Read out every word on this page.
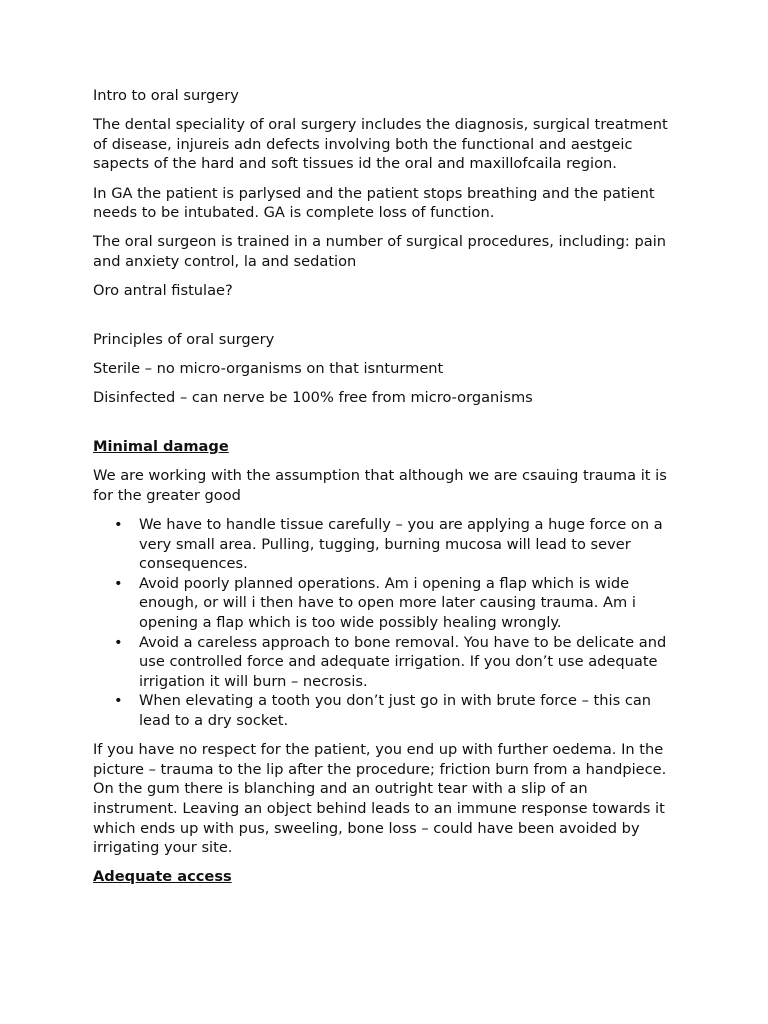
Intro to oral surgery

The dental speciality of oral surgery includes the diagnosis, surgical treatment of disease, injureis adn defects involving both the functional and aestgeic sapects of the hard and soft tissues id the oral and maxillofcaila region.

In GA the patient is parlysed and the patient stops breathing and the patient needs to be intubated. GA is complete loss of function.

The oral surgeon is trained in a number of surgical procedures, including: pain and anxiety control, la and sedation

Oro antral fistulae?

Principles of oral surgery

Sterile – no micro-organisms on that isnturment

Disinfected – can nerve be 100% free from micro-organisms

Minimal damage

We are working with the assumption that although we are csauing trauma it is for the greater good

• We have to handle tissue carefully – you are applying a huge force on a very small area. Pulling, tugging, burning mucosa will lead to sever consequences.
• Avoid poorly planned operations. Am i opening a flap which is wide enough, or will i then have to open more later causing trauma. Am i opening a flap which is too wide possibly healing wrongly.
• Avoid a careless approach to bone removal. You have to be delicate and use controlled force and adequate irrigation. If you don’t use adequate irrigation it will burn – necrosis.
• When elevating a tooth you don’t just go in with brute force – this can lead to a dry socket.

If you have no respect for the patient, you end up with further oedema. In the picture – trauma to the lip after the procedure; friction burn from a handpiece. On the gum there is blanching and an outright tear with a slip of an instrument. Leaving an object behind leads to an immune response towards it which ends up with pus, sweeling, bone loss – could have been avoided by irrigating your site.

Adequate access
